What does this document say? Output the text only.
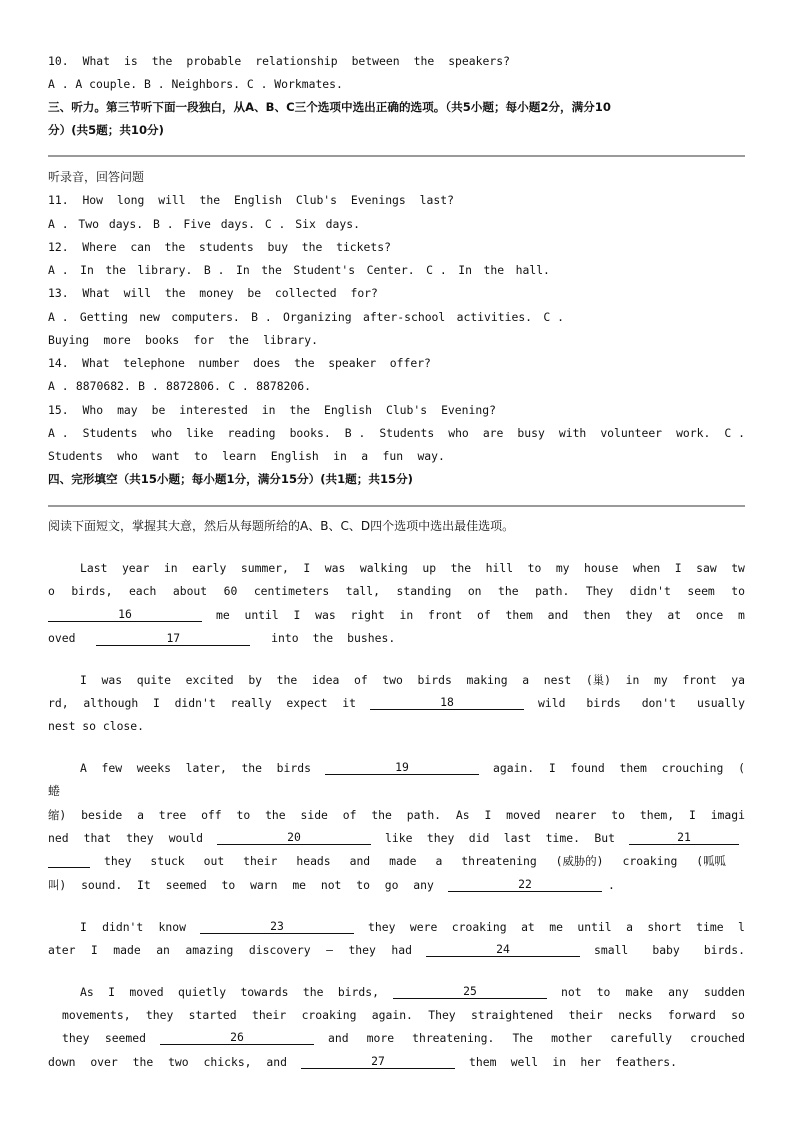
10. What is the probable relationship between the speakers?
A . A couple. B . Neighbors. C . Workmates.
三、听力。第三节听下面一段独白，从A、B、C三个选项中选出正确的选项。（共5小题；每小题2分，满分10
分）(共5题；共10分)
听录音，回答问题
11. How long will the English Club's Evenings last?
A . Two days. B . Five days. C . Six days.
12. Where can the students buy the tickets?
A . In the library. B . In the Student's Center. C . In the hall.
13. What will the money be collected for?
A . Getting new computers. B . Organizing after-school activities. C .
Buying more books for the library.
14. What telephone number does the speaker offer?
A . 8870682. B . 8872806. C . 8878206.
15. Who may be interested in the English Club's Evening?
A . Students who like reading books. B . Students who are busy with volunteer work. C .
Students who want to learn English in a fun way.
四、完形填空（共15小题；每小题1分，满分15分）(共1题；共15分)
阅读下面短文，掌握其大意，然后从每题所给的A、B、C、D四个选项中选出最佳选项。
Last year in early summer, I was walking up the hill to my house when I saw tw
o birds, each about 60 centimeters tall, standing on the path. They didn't seem to
16	me until I was right in front of them and then they at once m
oved	17	into the bushes.
I was quite excited by the idea of two birds making a nest (巢) in my front ya
rd, although I didn't really expect it	18	wild birds don't usually
nest so close.
A few weeks later, the birds	19	again. I found them crouching (
蜷
缩) beside a tree off to the side of the path. As I moved nearer to them, I imagi
ned that they would	20	like they did last time. But	21
they stuck out their heads and made a threatening (威胁的) croaking (呱呱
叫) sound. It seemed to warn me not to go any	22	.
I didn't know	23	they were croaking at me until a short time l
ater I made an amazing discovery — they had	24	small baby birds.
As I moved quietly towards the birds,	25	not to make any sudden
movements, they started their croaking again. They straightened their necks forward so
they seemed	26	and more threatening. The mother carefully crouched
down over the two chicks, and	27	them well in her feathers.
